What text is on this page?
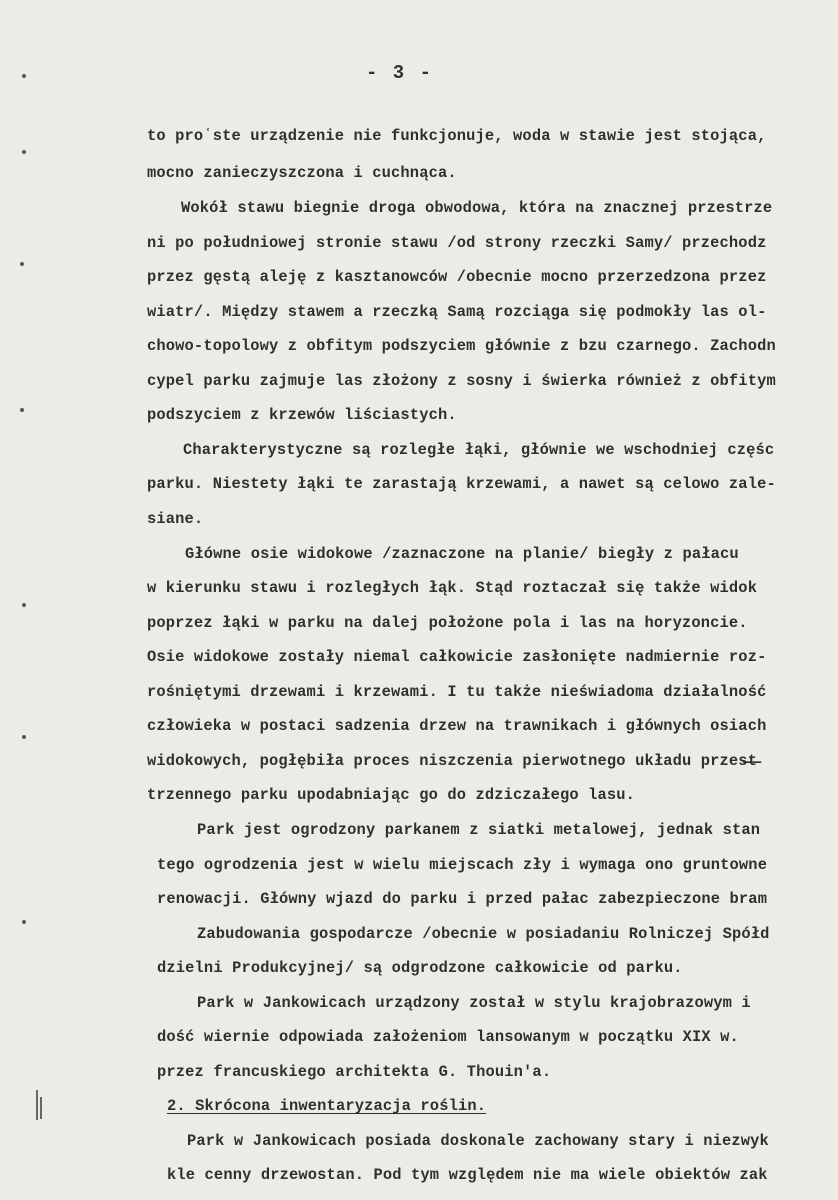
- 3 -
to proʿste urządzenie nie funkcjonuje, woda w stawie jest stojąca,
mocno zanieczyszczona i cuchnąca.
Wokół stawu biegnie droga obwodowa, która na znacznej przestrze
ni po południowej stronie stawu /od strony rzeczki Samy/ przechodz
przez gęstą aleję z kasztanowców /obecnie mocno przerzedzona przez
wiatr/. Między stawem a rzeczką Samą rozciąga się podmokły las ol-
chowo-topolowy z obfitym podszyciem głównie z bzu czarnego. Zachodn
cypel parku zajmuje las złożony z sosny i świerka również z obfitym
podszyciem z krzewów liściastych.
Charakterystyczne są rozległe łąki, głównie we wschodniej częśc
parku. Niestety łąki te zarastają krzewami, a nawet są celowo zale-
siane.
Główne osie widokowe /zaznaczone na planie/ biegły z pałacu
w kierunku stawu i rozległych łąk. Stąd roztaczał się także widok
poprzez łąki w parku na dalej położone pola i las na horyzoncie.
Osie widokowe zostały niemal całkowicie zasłonięte nadmiernie roz-
rośniętymi drzewami i krzewami. I tu także nieświadoma działalność
człowieka w postaci sadzenia drzew na trawnikach i głównych osiach
widokowych, pogłębiła proces niszczenia pierwotnego układu przes̶t̶
trzennego parku upodabniając go do zdziczałego lasu.
Park jest ogrodzony parkanem z siatki metalowej, jednak stan
tego ogrodzenia jest w wielu miejscach zły i wymaga ono gruntowne
renowacji. Główny wjazd do parku i przed pałac zabezpieczone bram
Zabudowania gospodarcze /obecnie w posiadaniu Rolniczej Spółd
dzielni Produkcyjnej/ są odgrodzone całkowicie od parku.
Park w Jankowicach urządzony został w stylu krajobrazowym i
dość wiernie odpowiada założeniom lansowanym w początku XIX w.
przez francuskiego architekta G. Thouin'a.
2. Skrócona inwentaryzacja roślin.
Park w Jankowicach posiada doskonale zachowany stary i niezwyk
kle cenny drzewostan. Pod tym względem nie ma wiele obiektów zak
